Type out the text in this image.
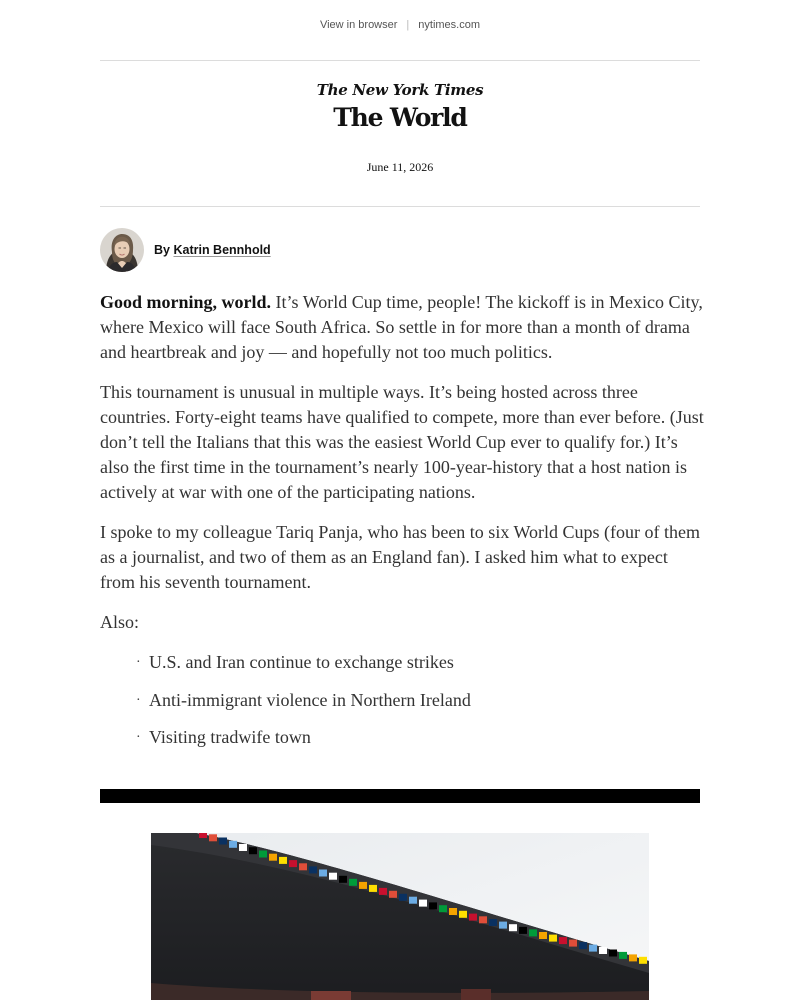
View in browser | nytimes.com
The New York Times
The World
June 11, 2026
By Katrin Bennhold

Good morning, world. It’s World Cup time, people! The kickoff is in Mexico City, where Mexico will face South Africa. So settle in for more than a month of drama and heartbreak and joy — and hopefully not too much politics.

This tournament is unusual in multiple ways. It’s being hosted across three countries. Forty-eight teams have qualified to compete, more than ever before. (Just don’t tell the Italians that this was the easiest World Cup ever to qualify for.) It’s also the first time in the tournament’s nearly 100-year-history that a host nation is actively at war with one of the participating nations.

I spoke to my colleague Tariq Panja, who has been to six World Cups (four of them as a journalist, and two of them as an England fan). I asked him what to expect from his seventh tournament.

Also:

· U.S. and Iran continue to exchange strikes
· Anti-immigrant violence in Northern Ireland
· Visiting tradwife town
